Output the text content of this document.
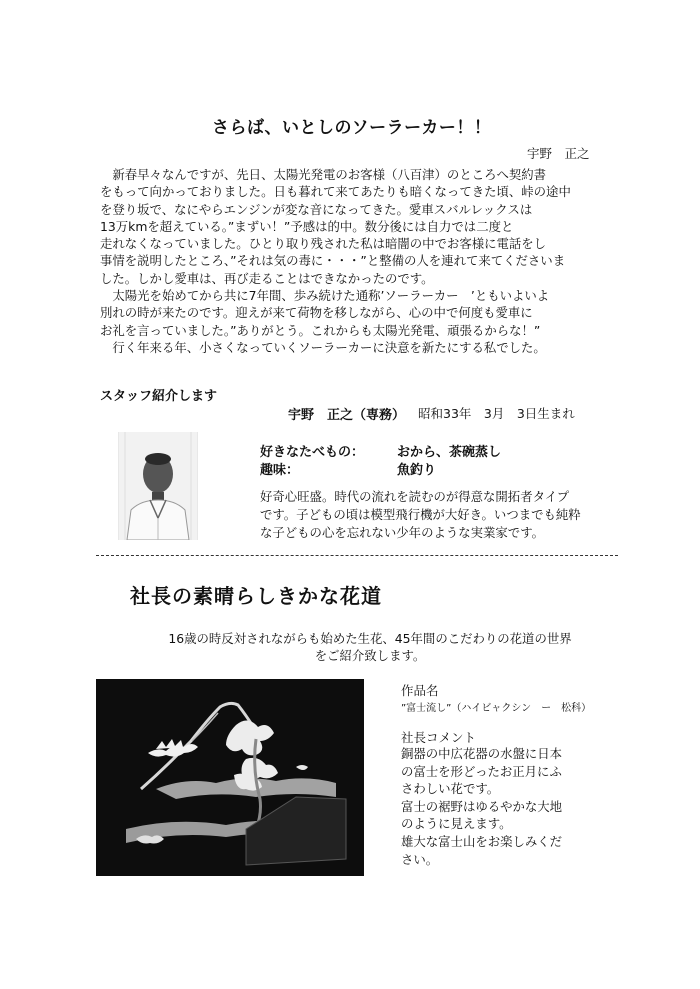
さらば、いとしのソーラーカー！！
宇野　正之

　新春早々なんですが、先日、太陽光発電のお客様（八百津）のところへ契約書

をもって向かっておりました。日も暮れて来てあたりも暗くなってきた頃、峠の途中

を登り坂で、なにやらエンジンが変な音になってきた。愛車スバルレックスは

13万kmを超えている。”まずい！”予感は的中。数分後には自力では二度と

走れなくなっていました。ひとり取り残された私は暗闇の中でお客様に電話をし

事情を説明したところ、”それは気の毒に・・・”と整備の人を連れて来てくださいま

した。しかし愛車は、再び走ることはできなかったのです。

　太陽光を始めてから共に7年間、歩み続けた通称’ソーラーカー　’ともいよいよ

別れの時が来たのです。迎えが来て荷物を移しながら、心の中で何度も愛車に

お礼を言っていました。”ありがとう。これからも太陽光発電、頑張るからな！”

　行く年来る年、小さくなっていくソーラーカーに決意を新たにする私でした。

スタッフ紹介します
宇野　正之（専務） 昭和33年　3月　3日生まれ
好きなたべもの：	おから、茶碗蒸し
趣味：	魚釣り

好奇心旺盛。時代の流れを読むのが得意な開拓者タイプ

です。子どもの頃は模型飛行機が大好き。いつまでも純粋

な子どもの心を忘れない少年のような実業家です。

社長の素晴らしきかな花道

16歳の時反対されながらも始めた生花、45年間のこだわりの花道の世界

をご紹介致します。

作品名
”富士流し”（ハイビャクシン　ー　松科）
社長コメント

銅器の中広花器の水盤に日本

の富士を形どったお正月にふ

さわしい花です。

富士の裾野はゆるやかな大地

のように見えます。

雄大な富士山をお楽しみくだ

さい。
